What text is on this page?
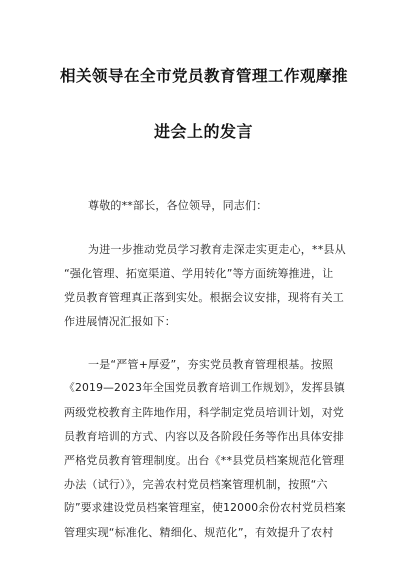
相关领导在全市党员教育管理工作观摩推
进会上的发言
尊敬的**部长，各位领导，同志们：
为进一步推动党员学习教育走深走实更走心，**县从
“强化管理、拓宽渠道、学用转化”等方面统筹推进，让
党员教育管理真正落到实处。根据会议安排，现将有关工
作进展情况汇报如下：
一是“严管+厚爱”，夯实党员教育管理根基。按照
《2019—2023年全国党员教育培训工作规划》，发挥县镇
两级党校教育主阵地作用，科学制定党员培训计划，对党
员教育培训的方式、内容以及各阶段任务等作出具体安排
严格党员教育管理制度。出台《**县党员档案规范化管理
办法（试行）》，完善农村党员档案管理机制，按照“六
防”要求建设党员档案管理室，使12000余份农村党员档案
管理实现“标准化、精细化、规范化”，有效提升了农村
